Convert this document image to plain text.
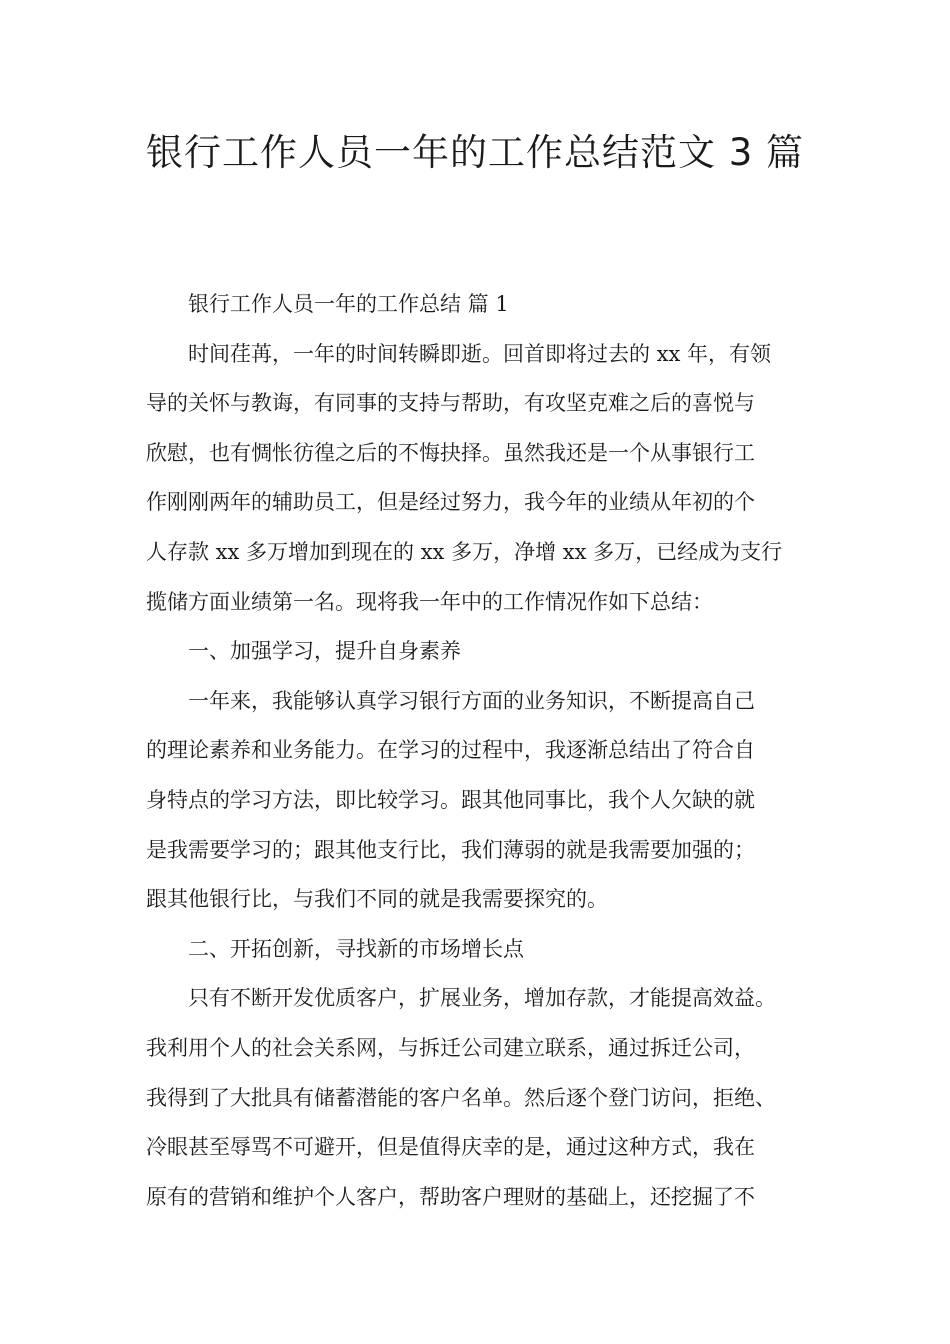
银行工作人员一年的工作总结范文 3 篇
银行工作人员一年的工作总结 篇 1
时间荏苒，一年的时间转瞬即逝。回首即将过去的 xx 年，有领
导的关怀与教诲，有同事的支持与帮助，有攻坚克难之后的喜悦与
欣慰，也有惆怅彷徨之后的不悔抉择。虽然我还是一个从事银行工
作刚刚两年的辅助员工，但是经过努力，我今年的业绩从年初的个
人存款 xx 多万增加到现在的 xx 多万，净增 xx 多万，已经成为支行
揽储方面业绩第一名。现将我一年中的工作情况作如下总结：
一、加强学习，提升自身素养
一年来，我能够认真学习银行方面的业务知识，不断提高自己
的理论素养和业务能力。在学习的过程中，我逐渐总结出了符合自
身特点的学习方法，即比较学习。跟其他同事比，我个人欠缺的就
是我需要学习的；跟其他支行比，我们薄弱的就是我需要加强的；
跟其他银行比，与我们不同的就是我需要探究的。
二、开拓创新，寻找新的市场增长点
只有不断开发优质客户，扩展业务，增加存款，才能提高效益。
我利用个人的社会关系网，与拆迁公司建立联系，通过拆迁公司，
我得到了大批具有储蓄潜能的客户名单。然后逐个登门访问，拒绝、
冷眼甚至辱骂不可避开，但是值得庆幸的是，通过这种方式，我在
原有的营销和维护个人客户，帮助客户理财的基础上，还挖掘了不
